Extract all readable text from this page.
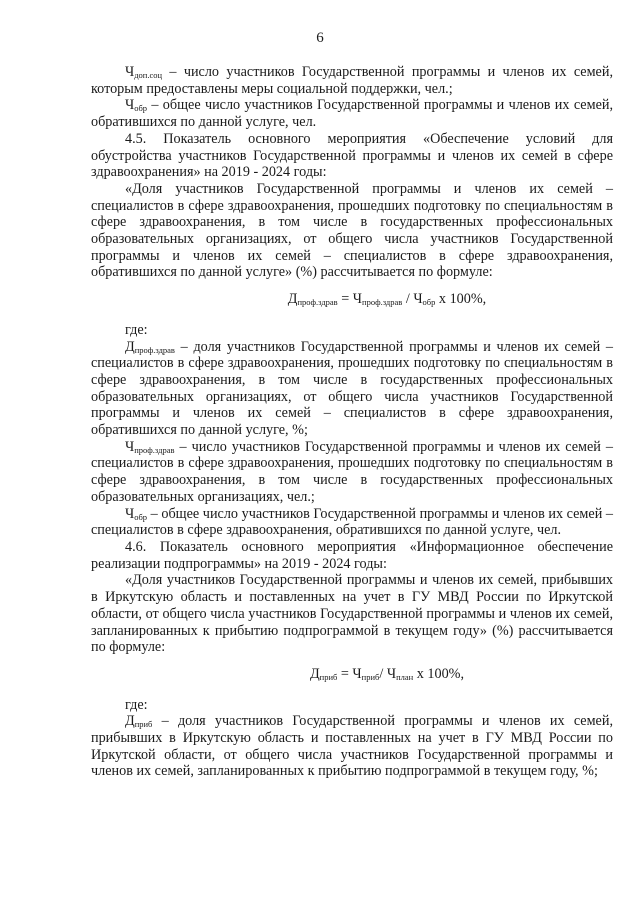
6

$Ч_{доп.соц}$ – число участников Государственной программы и членов их семей, которым предоставлены меры социальной поддержки, чел.;

$Ч_{обр}$ – общее число участников Государственной программы и членов их семей, обратившихся по данной услуге, чел.

4.5. Показатель основного мероприятия «Обеспечение условий для обустройства участников Государственной программы и членов их семей в сфере здравоохранения» на 2019 - 2024 годы:

«Доля участников Государственной программы и членов их семей – специалистов в сфере здравоохранения, прошедших подготовку по специальностям в сфере здравоохранения, в том числе в государственных профессиональных образовательных организациях, от общего числа участников Государственной программы и членов их семей – специалистов в сфере здравоохранения, обратившихся по данной услуге» (%) рассчитывается по формуле:

$Д_{проф.здрав} = Ч_{проф.здрав} / Ч_{обр}$ х 100%,

где:

$Д_{проф.здрав}$ – доля участников Государственной программы и членов их семей – специалистов в сфере здравоохранения, прошедших подготовку по специальностям в сфере здравоохранения, в том числе в государственных профессиональных образовательных организациях, от общего числа участников Государственной программы и членов их семей – специалистов в сфере здравоохранения, обратившихся по данной услуге, %;

$Ч_{проф.здрав}$ – число участников Государственной программы и членов их семей – специалистов в сфере здравоохранения, прошедших подготовку по специальностям в сфере здравоохранения, в том числе в государственных профессиональных образовательных организациях, чел.;

$Ч_{обр}$ – общее число участников Государственной программы и членов их семей – специалистов в сфере здравоохранения, обратившихся по данной услуге, чел.

4.6. Показатель основного мероприятия «Информационное обеспечение реализации подпрограммы» на 2019 - 2024 годы:

«Доля участников Государственной программы и членов их семей, прибывших в Иркутскую область и поставленных на учет в ГУ МВД России по Иркутской области, от общего числа участников Государственной программы и членов их семей, запланированных к прибытию подпрограммой в текущем году» (%) рассчитывается по формуле:

$Д_{приб} = Ч_{приб}/$ $Ч_{план}$ х 100%,

где:

$Д_{приб}$ – доля участников Государственной программы и членов их семей, прибывших в Иркутскую область и поставленных на учет в ГУ МВД России по Иркутской области, от общего числа участников Государственной программы и членов их семей, запланированных к прибытию подпрограммой в текущем году, %;
